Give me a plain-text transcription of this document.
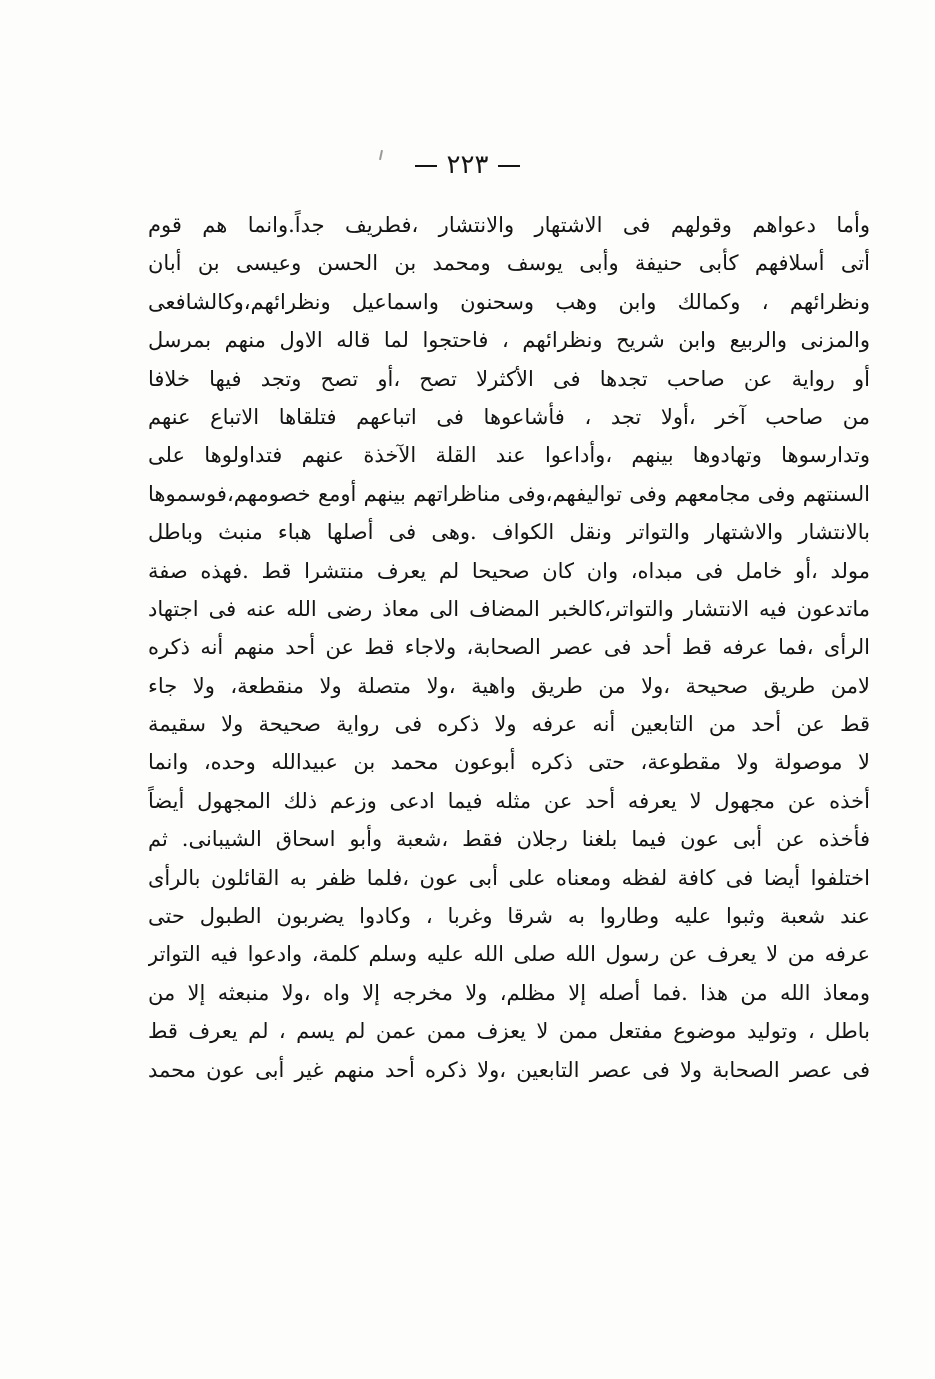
٢٢٣
وأما دعواهم وقولهم فى الاشتهار والانتشار ،فطريف جداً.وانما هم قوم
أتى أسلافهم كأبى حنيفة وأبى يوسف ومحمد بن الحسن وعيسى بن أبان
ونظرائهم ، وكمالك وابن وهب وسحنون واسماعيل ونظرائهم،وكالشافعى
والمزنى والربيع وابن شريح ونظرائهم ، فاحتجوا لما قاله الاول منهم بمرسل
أو رواية عن صاحب تجدها فى الأكثرلا تصح ،أو تصح وتجد فيها خلافا
من صاحب آخر ،أولا تجد ، فأشاعوها فى اتباعهم فتلقاها الاتباع عنهم
وتدارسوها وتهادوها بينهم ،وأداعوا عند القلة الآخذة عنهم فتداولوها على
السنتهم وفى مجامعهم وفى تواليفهم،وفى مناظراتهم بينهم أومع خصومهم،فوسموها
بالانتشار والاشتهار والتواتر ونقل الكواف .وهى فى أصلها هباء منبث وباطل
مولد ،أو خامل فى مبداه، وان كان صحيحا لم يعرف منتشرا قط .فهذه صفة
ماتدعون فيه الانتشار والتواتر،كالخبر المضاف الى معاذ رضى الله عنه فى اجتهاد
الرأى ،فما عرفه قط أحد فى عصر الصحابة، ولاجاء قط عن أحد منهم أنه ذكره
لامن طريق صحيحة ،ولا من طريق واهية ،ولا متصلة ولا منقطعة، ولا جاء
قط عن أحد من التابعين أنه عرفه ولا ذكره فى رواية صحيحة ولا سقيمة
لا موصولة ولا مقطوعة، حتى ذكره أبوعون محمد بن عبيدالله وحده، وانما
أخذه عن مجهول لا يعرفه أحد عن مثله فيما ادعى وزعم ذلك المجهول أيضاً
فأخذه عن أبى عون فيما بلغنا رجلان فقط ،شعبة وأبو اسحاق الشيبانى. ثم
اختلفوا أيضا فى كافة لفظه ومعناه على أبى عون ،فلما ظفر به القائلون بالرأى
عند شعبة وثبوا عليه وطاروا به شرقا وغربا ، وكادوا يضربون الطبول حتى
عرفه من لا يعرف عن رسول الله صلى الله عليه وسلم كلمة، وادعوا فيه التواتر
ومعاذ الله من هذا .فما أصله إلا مظلم، ولا مخرجه إلا واه ،ولا منبعثه إلا من
باطل ، وتوليد موضوع مفتعل ممن لا يعزف ممن عمن لم يسم ، لم يعرف قط
فى عصر الصحابة ولا فى عصر التابعين ،ولا ذكره أحد منهم غير أبى عون محمد
